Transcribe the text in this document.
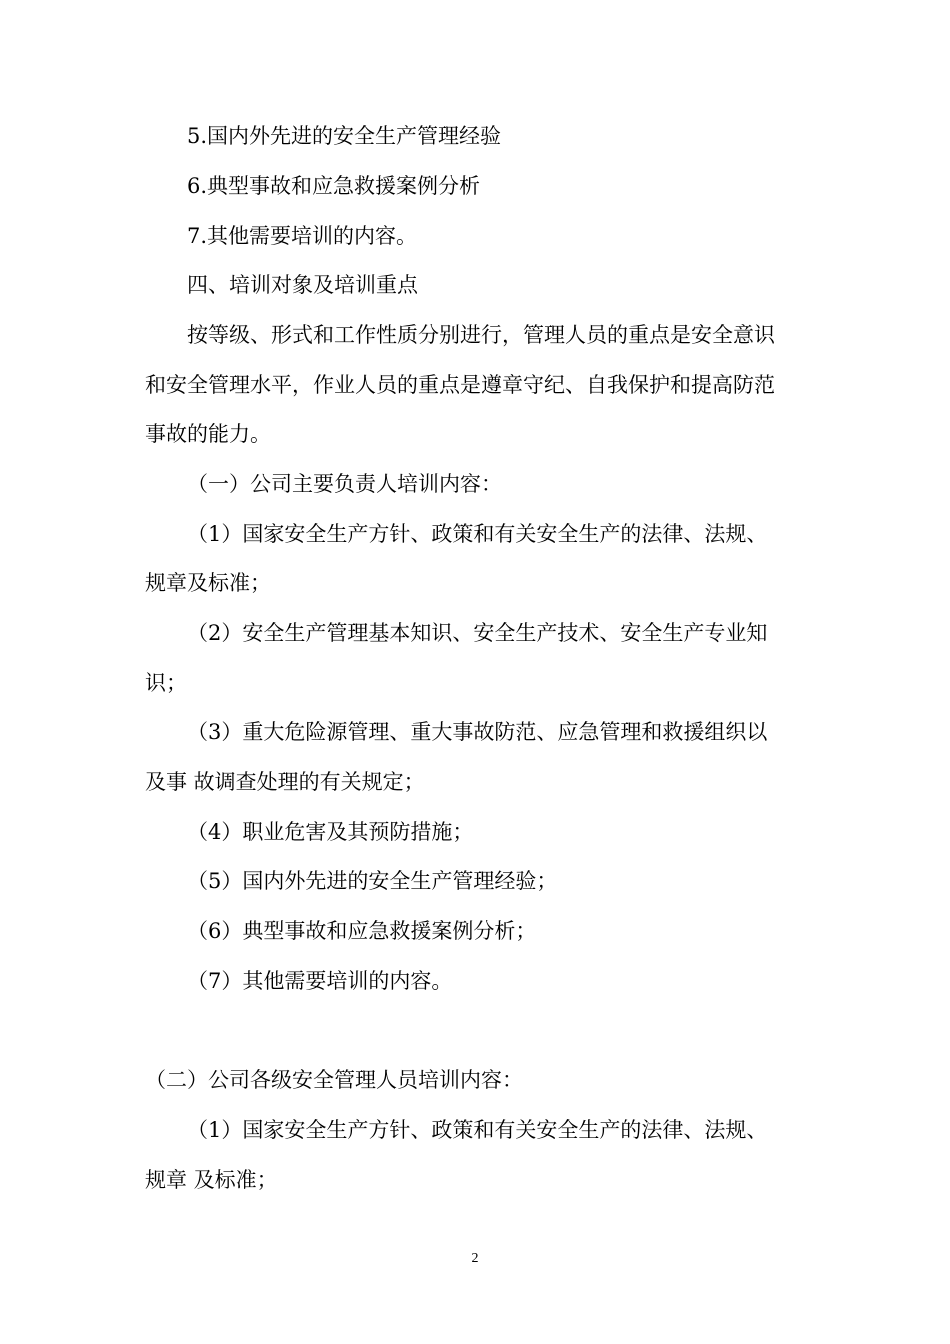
5.国内外先进的安全生产管理经验
6.典型事故和应急救援案例分析
7.其他需要培训的内容。
四、培训对象及培训重点
按等级、形式和工作性质分别进行，管理人员的重点是安全意识
和安全管理水平，作业人员的重点是遵章守纪、自我保护和提高防范
事故的能力。
（一）公司主要负责人培训内容：
（1）国家安全生产方针、政策和有关安全生产的法律、法规、
规章及标准；
（2）安全生产管理基本知识、安全生产技术、安全生产专业知
识；
（3）重大危险源管理、重大事故防范、应急管理和救援组织以
及事 故调查处理的有关规定；
（4）职业危害及其预防措施；
（5）国内外先进的安全生产管理经验；
（6）典型事故和应急救援案例分析；
（7）其他需要培训的内容。
（二）公司各级安全管理人员培训内容：
（1）国家安全生产方针、政策和有关安全生产的法律、法规、
规章 及标准；
2
